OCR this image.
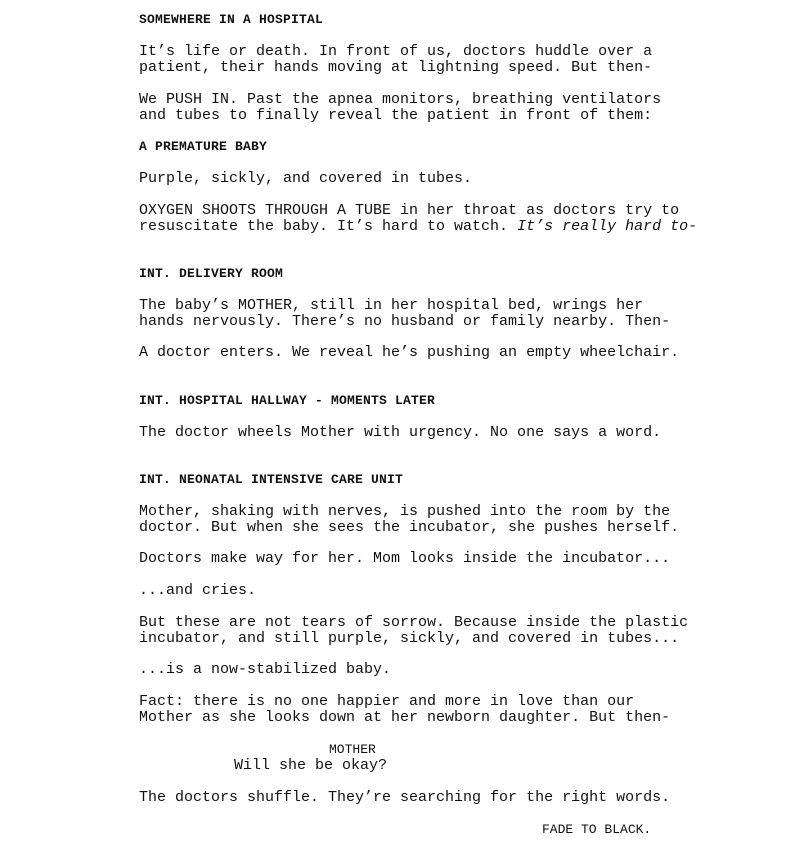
SOMEWHERE IN A HOSPITAL

It’s life or death. In front of us, doctors huddle over a

patient, their hands moving at lightning speed. But then-

We PUSH IN. Past the apnea monitors, breathing ventilators

and tubes to finally reveal the patient in front of them:

A PREMATURE BABY

Purple, sickly, and covered in tubes.

OXYGEN SHOOTS THROUGH A TUBE in her throat as doctors try to

resuscitate the baby. It’s hard to watch. It’s really hard to-

INT. DELIVERY ROOM

The baby’s MOTHER, still in her hospital bed, wrings her

hands nervously. There’s no husband or family nearby. Then-

A doctor enters. We reveal he’s pushing an empty wheelchair.

INT. HOSPITAL HALLWAY - MOMENTS LATER

The doctor wheels Mother with urgency. No one says a word.

INT. NEONATAL INTENSIVE CARE UNIT

Mother, shaking with nerves, is pushed into the room by the

doctor. But when she sees the incubator, she pushes herself.

Doctors make way for her. Mom looks inside the incubator...

...and cries.

But these are not tears of sorrow. Because inside the plastic

incubator, and still purple, sickly, and covered in tubes...

...is a now-stabilized baby.

Fact: there is no one happier and more in love than our

Mother as she looks down at her newborn daughter. But then-

MOTHER

Will she be okay?

The doctors shuffle. They’re searching for the right words.

FADE TO BLACK.
